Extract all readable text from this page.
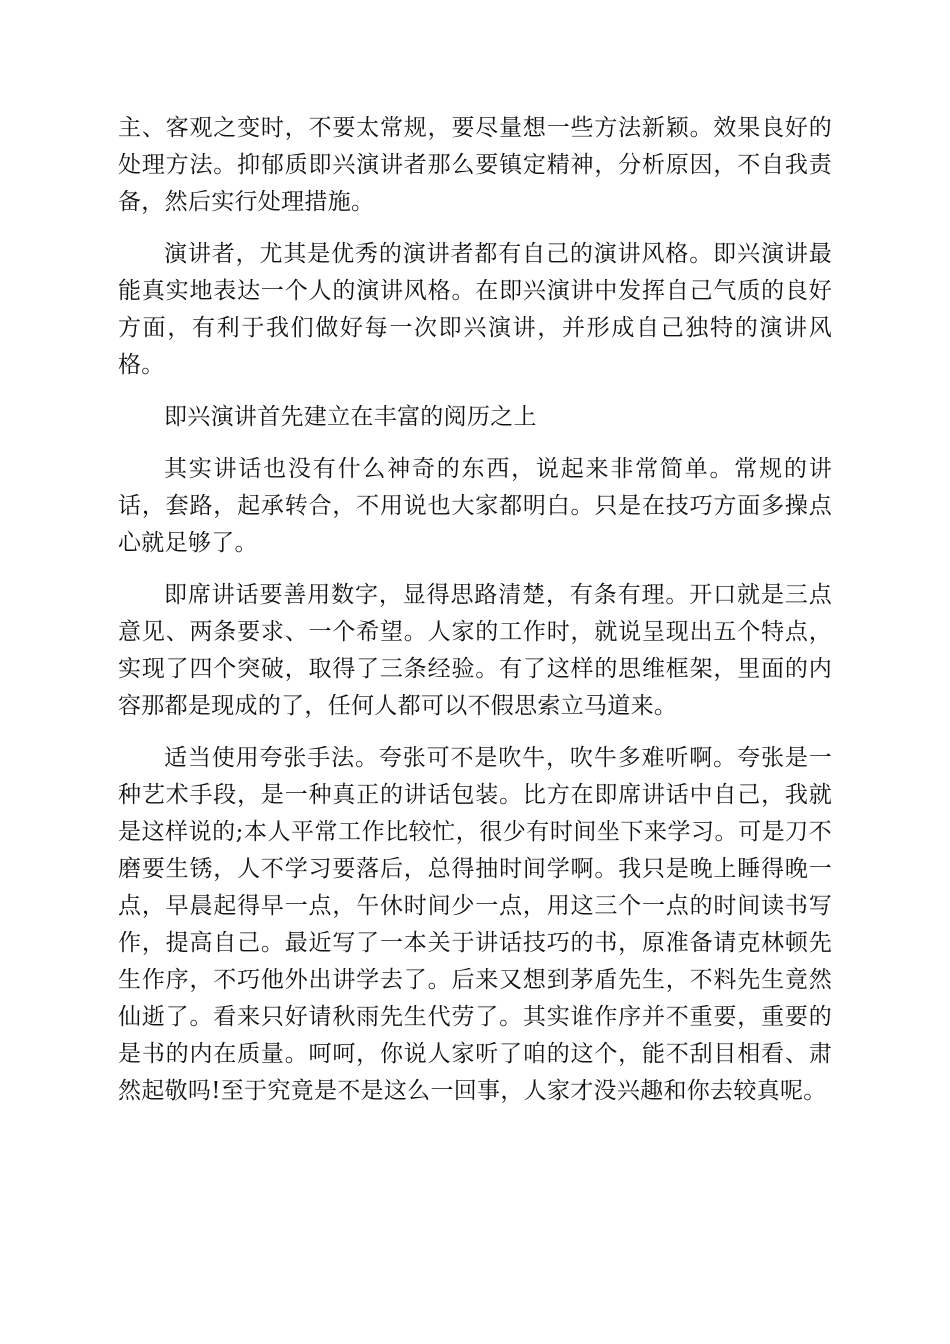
主、客观之变时，不要太常规，要尽量想一些方法新颖。效果良好的处理方法。抑郁质即兴演讲者那么要镇定精神，分析原因，不自我责备，然后实行处理措施。

演讲者，尤其是优秀的演讲者都有自己的演讲风格。即兴演讲最能真实地表达一个人的演讲风格。在即兴演讲中发挥自己气质的良好方面，有利于我们做好每一次即兴演讲，并形成自己独特的演讲风格。

即兴演讲首先建立在丰富的阅历之上

其实讲话也没有什么神奇的东西，说起来非常简单。常规的讲话，套路，起承转合，不用说也大家都明白。只是在技巧方面多操点心就足够了。

即席讲话要善用数字，显得思路清楚，有条有理。开口就是三点意见、两条要求、一个希望。人家的工作时，就说呈现出五个特点，实现了四个突破，取得了三条经验。有了这样的思维框架，里面的内容那都是现成的了，任何人都可以不假思索立马道来。

适当使用夸张手法。夸张可不是吹牛，吹牛多难听啊。夸张是一种艺术手段，是一种真正的讲话包装。比方在即席讲话中自己，我就是这样说的;本人平常工作比较忙，很少有时间坐下来学习。可是刀不磨要生锈，人不学习要落后，总得抽时间学啊。我只是晚上睡得晚一点，早晨起得早一点，午休时间少一点，用这三个一点的时间读书写作，提高自己。最近写了一本关于讲话技巧的书，原准备请克林顿先生作序，不巧他外出讲学去了。后来又想到茅盾先生，不料先生竟然仙逝了。看来只好请秋雨先生代劳了。其实谁作序并不重要，重要的是书的内在质量。呵呵，你说人家听了咱的这个，能不刮目相看、肃然起敬吗!至于究竟是不是这么一回事，人家才没兴趣和你去较真呢。
